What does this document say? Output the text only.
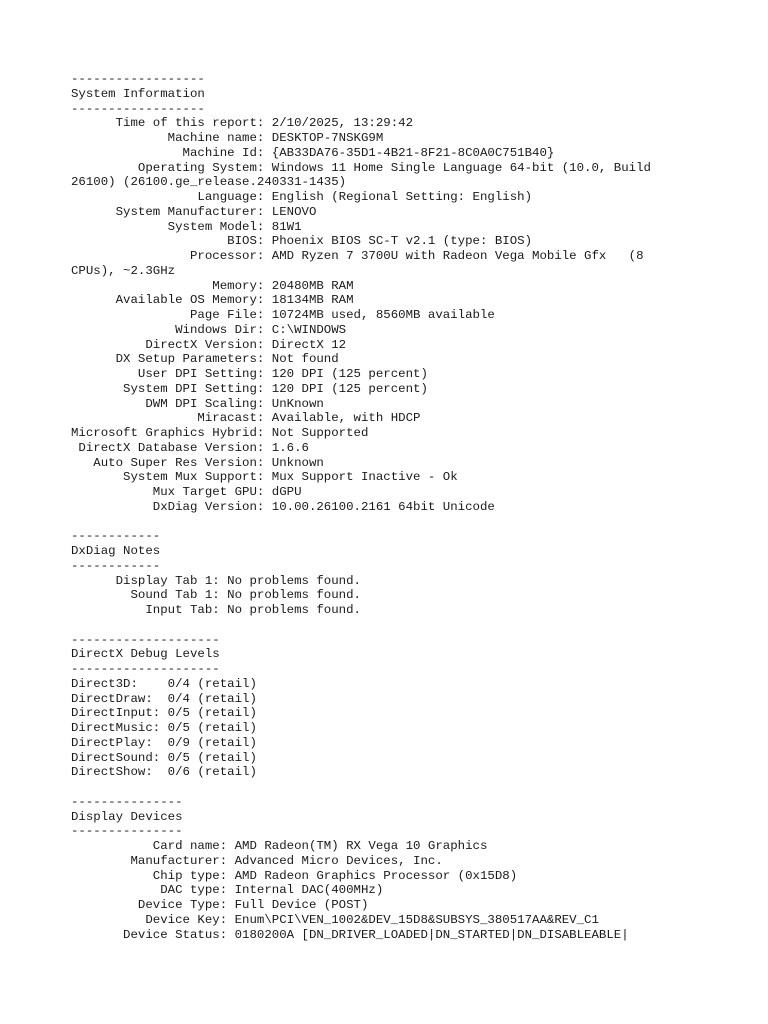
------------------
System Information
------------------
Time of this report: 2/10/2025, 13:29:42
Machine name: DESKTOP-7NSKG9M
Machine Id: {AB33DA76-35D1-4B21-8F21-8C0A0C751B40}
Operating System: Windows 11 Home Single Language 64-bit (10.0, Build
26100) (26100.ge_release.240331-1435)
Language: English (Regional Setting: English)
System Manufacturer: LENOVO
System Model: 81W1
BIOS: Phoenix BIOS SC-T v2.1 (type: BIOS)
Processor: AMD Ryzen 7 3700U with Radeon Vega Mobile Gfx   (8
CPUs), ~2.3GHz
Memory: 20480MB RAM
Available OS Memory: 18134MB RAM
Page File: 10724MB used, 8560MB available
Windows Dir: C:\WINDOWS
DirectX Version: DirectX 12
DX Setup Parameters: Not found
User DPI Setting: 120 DPI (125 percent)
System DPI Setting: 120 DPI (125 percent)
DWM DPI Scaling: UnKnown
Miracast: Available, with HDCP
Microsoft Graphics Hybrid: Not Supported
DirectX Database Version: 1.6.6
Auto Super Res Version: Unknown
System Mux Support: Mux Support Inactive - Ok
Mux Target GPU: dGPU
DxDiag Version: 10.00.26100.2161 64bit Unicode
------------
DxDiag Notes
------------
Display Tab 1: No problems found.
Sound Tab 1: No problems found.
Input Tab: No problems found.
--------------------
DirectX Debug Levels
--------------------
Direct3D:    0/4 (retail)
DirectDraw:  0/4 (retail)
DirectInput: 0/5 (retail)
DirectMusic: 0/5 (retail)
DirectPlay:  0/9 (retail)
DirectSound: 0/5 (retail)
DirectShow:  0/6 (retail)
---------------
Display Devices
---------------
Card name: AMD Radeon(TM) RX Vega 10 Graphics
Manufacturer: Advanced Micro Devices, Inc.
Chip type: AMD Radeon Graphics Processor (0x15D8)
DAC type: Internal DAC(400MHz)
Device Type: Full Device (POST)
Device Key: Enum\PCI\VEN_1002&DEV_15D8&SUBSYS_380517AA&REV_C1
Device Status: 0180200A [DN_DRIVER_LOADED|DN_STARTED|DN_DISABLEABLE|
